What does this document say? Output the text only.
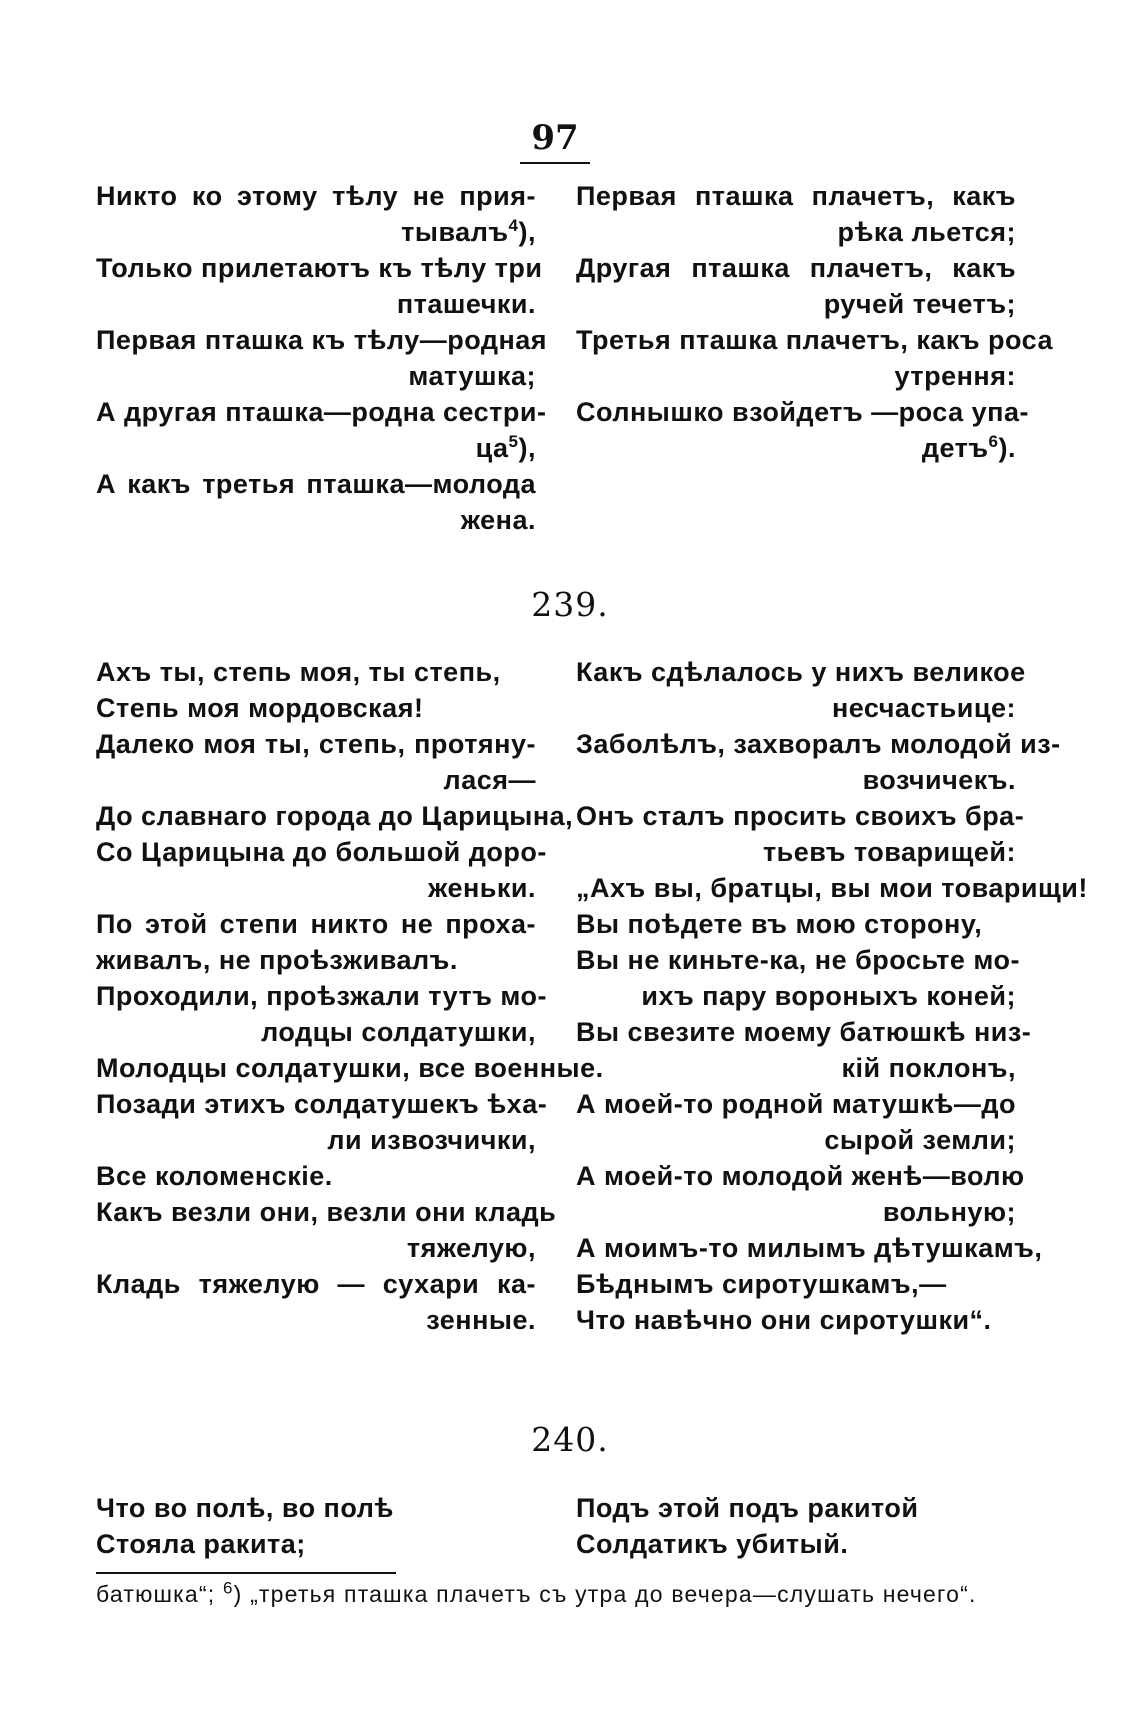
97
Никто ко этому тѣлу не прия-
тывалъ$^4$),
Только прилетаютъ къ тѣлу три
пташечки.
Первая пташка къ тѣлу—родная
матушка;
А другая пташка—родна сестри-
$ца^5$),
А какъ третья пташка—молода
жена.
Первая пташка плачетъ, какъ
рѣка льется;
Другая пташка плачетъ, какъ
ручей течетъ;
Третья пташка плачетъ, какъ роса
утрення:
Солнышко взойдетъ —роса упа-
детъ$^6$).
239.
Ахъ ты, степь моя, ты степь,
Степь моя мордовская!
Далеко моя ты, степь, протяну-
лася—
До славнаго города до Царицына,
Со Царицына до большой доро-
женьки.
По этой степи никто не проха-
живалъ, не проѣзживалъ.
Проходили, проѣзжали тутъ мо-
лодцы солдатушки,
Молодцы солдатушки, все военные.
Позади этихъ солдатушекъ ѣха-
ли извозчички,
Все коломенскіе.
Какъ везли они, везли они кладь
тяжелую,
Кладь тяжелую — сухари ка-
зенные.
Какъ сдѣлалось у нихъ великое
несчастьице:
Заболѣлъ, захворалъ молодой из-
возчичекъ.
Онъ сталъ просить своихъ бра-
тьевъ товарищей:
„Ахъ вы, братцы, вы мои товарищи!
Вы поѣдете въ мою сторону,
Вы не киньте-ка, не бросьте мо-
ихъ пару вороныхъ коней;
Вы свезите моему батюшкѣ низ-
кій поклонъ,
А моей-то родной матушкѣ—до
сырой земли;
А моей-то молодой женѣ—волю
вольную;
А моимъ-то милымъ дѣтушкамъ,
Бѣднымъ сиротушкамъ,—
Что навѣчно они сиротушки“.
240.
Что во полѣ, во полѣ
Стояла ракита;
Подъ этой подъ ракитой
Солдатикъ убитый.
батюшка“; $^6$) „третья пташка плачетъ съ утра до вечера—слушать нечего“.
